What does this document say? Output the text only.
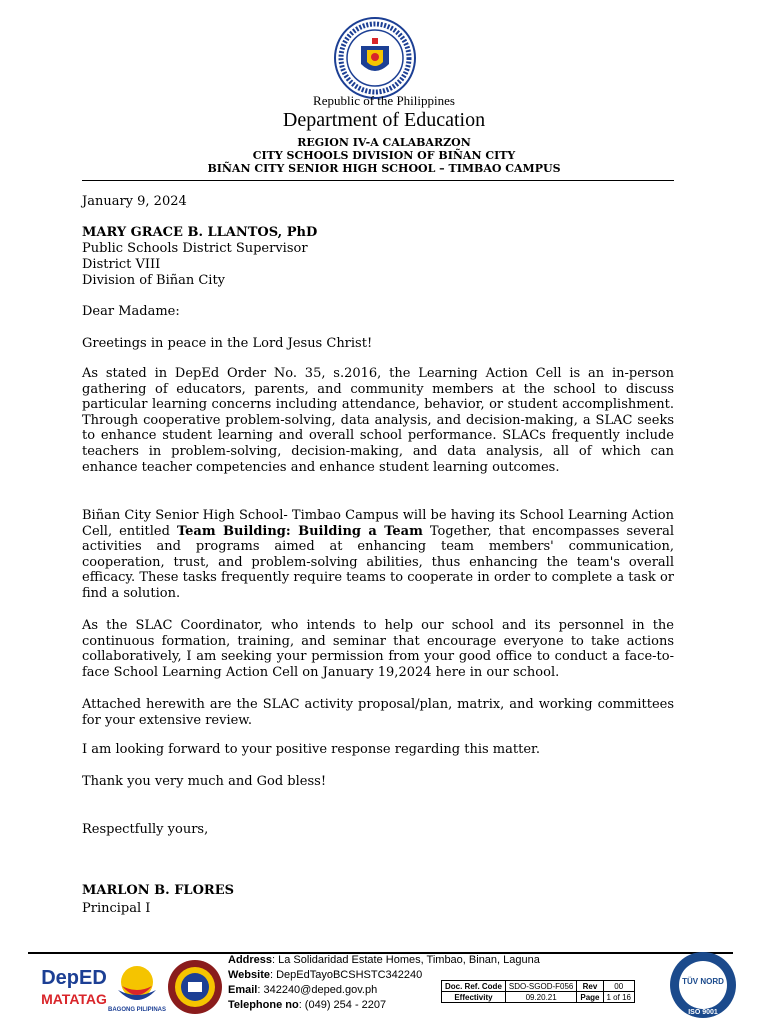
Republic of the Philippines
Department of Education
REGION IV-A CALABARZON
CITY SCHOOLS DIVISION OF BIÑAN CITY
BIÑAN CITY SENIOR HIGH SCHOOL – TIMBAO CAMPUS
January 9, 2024
MARY GRACE B. LLANTOS, PhD
Public Schools District Supervisor
District VIII
Division of Biñan City
Dear Madame:
Greetings in peace in the Lord Jesus Christ!
As stated in DepEd Order No. 35, s.2016, the Learning Action Cell is an in-person gathering of educators, parents, and community members at the school to discuss particular learning concerns including attendance, behavior, or student accomplishment. Through cooperative problem-solving, data analysis, and decision-making, a SLAC seeks to enhance student learning and overall school performance. SLACs frequently include teachers in problem-solving, decision-making, and data analysis, all of which can enhance teacher competencies and enhance student learning outcomes.
Biñan City Senior High School- Timbao Campus will be having its School Learning Action Cell, entitled Team Building: Building a Team Together, that encompasses several activities and programs aimed at enhancing team members' communication, cooperation, trust, and problem-solving abilities, thus enhancing the team's overall efficacy. These tasks frequently require teams to cooperate in order to complete a task or find a solution.
As the SLAC Coordinator, who intends to help our school and its personnel in the continuous formation, training, and seminar that encourage everyone to take actions collaboratively, I am seeking your permission from your good office to conduct a face-to-face School Learning Action Cell on January 19,2024 here in our school.
Attached herewith are the SLAC activity proposal/plan, matrix, and working committees for your extensive review.
I am looking forward to your positive response regarding this matter.
Thank you very much and God bless!
Respectfully yours,
MARLON B. FLORES
Principal I
DepED
MATATAG
BAGONG PILIPINAS
Address: La Solidaridad Estate Homes, Timbao, Binan, Laguna
Website: DepEdTayoBCSHSTC342240
Email: 342240@deped.gov.ph
Telephone no: (049) 254 - 2207
Doc. Ref. Code	SDO-SGOD-F056	Rev	00
Effectivity	09.20.21	Page	1 of 16
TÜV NORD
ISO 9001
